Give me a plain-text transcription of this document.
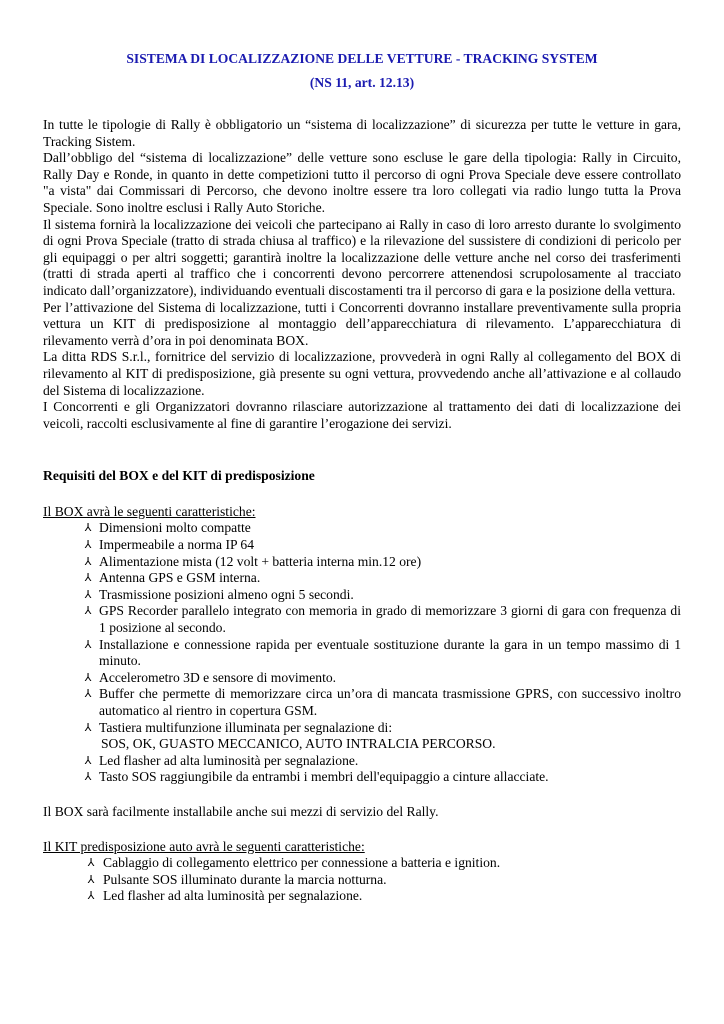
SISTEMA DI LOCALIZZAZIONE DELLE VETTURE - TRACKING SYSTEM

(NS 11, art. 12.13)

In tutte le tipologie di Rally è obbligatorio un “sistema di localizzazione” di sicurezza per tutte le vetture in gara, Tracking Sistem.

Dall’obbligo del “sistema di localizzazione” delle vetture sono escluse le gare della tipologia: Rally in Circuito, Rally Day e Ronde, in quanto in dette competizioni tutto il percorso di ogni Prova Speciale deve essere controllato "a vista" dai Commissari di Percorso, che devono inoltre essere tra loro collegati via radio lungo tutta la Prova Speciale. Sono inoltre esclusi i Rally Auto Storiche.

Il sistema fornirà la localizzazione dei veicoli che partecipano ai Rally in caso di loro arresto durante lo svolgimento di ogni Prova Speciale (tratto di strada chiusa al traffico) e la rilevazione del sussistere di condizioni di pericolo per gli equipaggi o per altri soggetti; garantirà inoltre la localizzazione delle vetture anche nel corso dei trasferimenti (tratti di strada aperti al traffico che i concorrenti devono percorrere attenendosi scrupolosamente al tracciato indicato dall’organizzatore), individuando eventuali discostamenti tra il percorso di gara e la posizione della vettura.

Per l’attivazione del Sistema di localizzazione, tutti i Concorrenti dovranno installare preventivamente sulla propria vettura un KIT di predisposizione al montaggio dell’apparecchiatura di rilevamento. L’apparecchiatura di rilevamento verrà d’ora in poi denominata BOX.

La ditta RDS S.r.l., fornitrice del servizio di localizzazione, provvederà in ogni Rally al collegamento del BOX di rilevamento al KIT di predisposizione, già presente su ogni vettura, provvedendo anche all’attivazione e al collaudo del Sistema di localizzazione.

I Concorrenti e gli Organizzatori dovranno rilasciare autorizzazione al trattamento dei dati di localizzazione dei veicoli, raccolti esclusivamente al fine di garantire l’erogazione dei servizi.

Requisiti del BOX e del KIT di predisposizione

Il BOX avrà le seguenti caratteristiche:

⅄ Dimensioni molto compatte
⅄ Impermeabile a norma IP 64
⅄ Alimentazione mista (12 volt + batteria interna min.12 ore)
⅄ Antenna GPS e GSM interna.
⅄ Trasmissione posizioni almeno ogni 5 secondi.
⅄ GPS Recorder parallelo integrato con memoria in grado di memorizzare 3 giorni di gara con frequenza di 1 posizione al secondo.
⅄ Installazione e connessione rapida per eventuale sostituzione durante la gara in un tempo massimo di 1 minuto.
⅄ Accelerometro 3D e sensore di movimento.
⅄ Buffer che permette di memorizzare circa un’ora di mancata trasmissione GPRS, con successivo inoltro automatico al rientro in copertura GSM.
⅄ Tastiera multifunzione illuminata per segnalazione di:
SOS, OK, GUASTO MECCANICO, AUTO INTRALCIA PERCORSO.
⅄ Led flasher ad alta luminosità per segnalazione.
⅄ Tasto SOS raggiungibile da entrambi i membri dell'equipaggio a cinture allacciate.

Il BOX sarà facilmente installabile anche sui mezzi di servizio del Rally.

Il KIT predisposizione auto avrà le seguenti caratteristiche:

⅄ Cablaggio di collegamento elettrico per connessione a batteria e ignition.
⅄ Pulsante SOS illuminato durante la marcia notturna.
⅄ Led flasher ad alta luminosità per segnalazione.
